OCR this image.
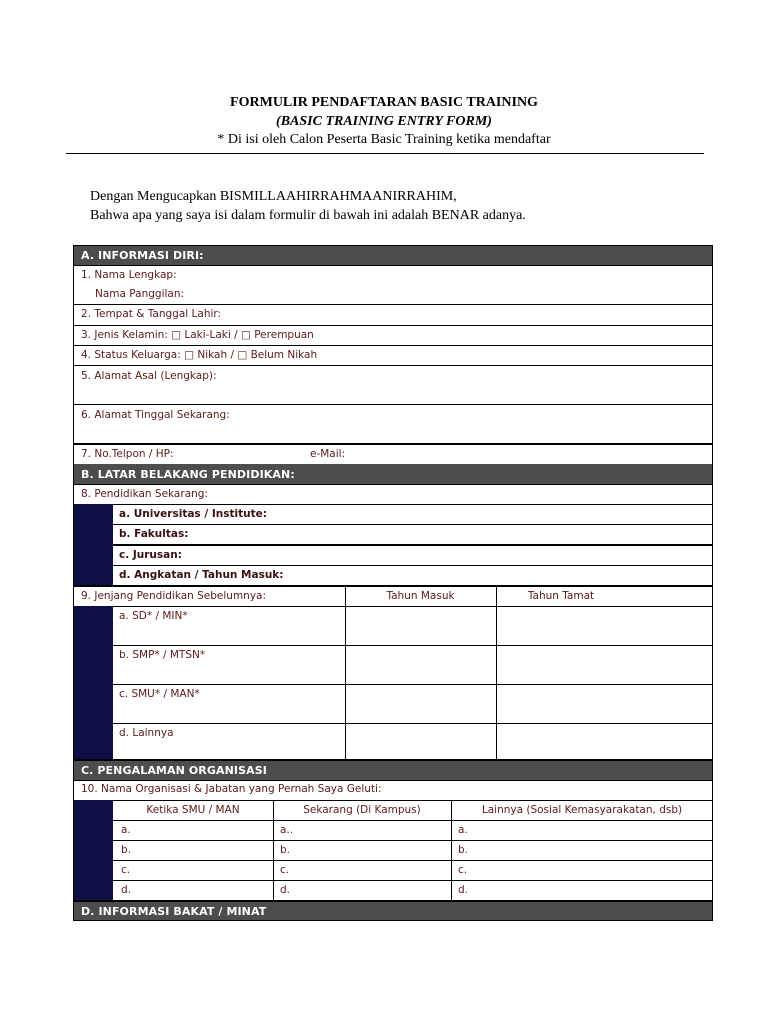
FORMULIR PENDAFTARAN BASIC TRAINING
(BASIC TRAINING ENTRY FORM)
* Di isi oleh Calon Peserta Basic Training ketika mendaftar
Dengan Mengucapkan BISMILLAAHIRRAHMAANIRRAHIM,
Bahwa apa yang saya isi dalam formulir di bawah ini adalah BENAR adanya.
A. INFORMASI DIRI:
1. Nama Lengkap:
Nama Panggilan:
2. Tempat & Tanggal Lahir:
3. Jenis Kelamin: □ Laki-Laki / □ Perempuan
4. Status Keluarga: □ Nikah / □ Belum Nikah
5. Alamat Asal (Lengkap):
6. Alamat Tinggal Sekarang:
7. No.Telpon / HP:	e-Mail:
B. LATAR BELAKANG PENDIDIKAN:
8. Pendidikan Sekarang:
a. Universitas / Institute:
b. Fakultas:
c. Jurusan:
d. Angkatan / Tahun Masuk:
9. Jenjang Pendidikan Sebelumnya:	Tahun Masuk	Tahun Tamat
a. SD* / MIN*
b. SMP* / MTSN*
c. SMU* / MAN*
d. Lainnya
C. PENGALAMAN ORGANISASI
10. Nama Organisasi & Jabatan yang Pernah Saya Geluti:
Ketika SMU / MAN	Sekarang (Di Kampus)	Lainnya (Sosial Kemasyarakatan, dsb)
a.	a..	a.
b.	b.	b.
c.	c.	c.
d.	d.	d.
D. INFORMASI BAKAT / MINAT
